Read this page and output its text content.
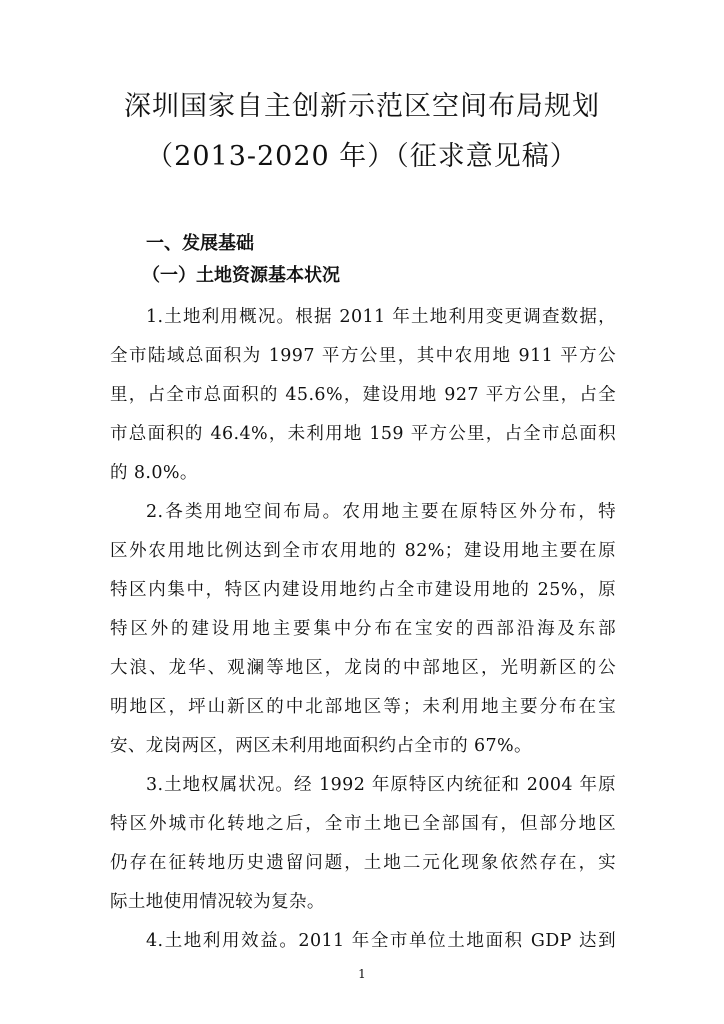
深圳国家自主创新示范区空间布局规划
（2013-2020 年）（征求意见稿）
一、发展基础
（一）土地资源基本状况
1.土地利用概况。根据 2011 年土地利用变更调查数据，
全市陆域总面积为 1997 平方公里，其中农用地 911 平方公
里，占全市总面积的 45.6%，建设用地 927 平方公里，占全
市总面积的 46.4%，未利用地 159 平方公里，占全市总面积
的 8.0%。
2.各类用地空间布局。农用地主要在原特区外分布，特
区外农用地比例达到全市农用地的 82%；建设用地主要在原
特区内集中，特区内建设用地约占全市建设用地的 25%，原
特区外的建设用地主要集中分布在宝安的西部沿海及东部
大浪、龙华、观澜等地区，龙岗的中部地区，光明新区的公
明地区，坪山新区的中北部地区等；未利用地主要分布在宝
安、龙岗两区，两区未利用地面积约占全市的 67%。
3.土地权属状况。经 1992 年原特区内统征和 2004 年原
特区外城市化转地之后，全市土地已全部国有，但部分地区
仍存在征转地历史遗留问题，土地二元化现象依然存在，实
际土地使用情况较为复杂。
4.土地利用效益。2011 年全市单位土地面积 GDP 达到
1
